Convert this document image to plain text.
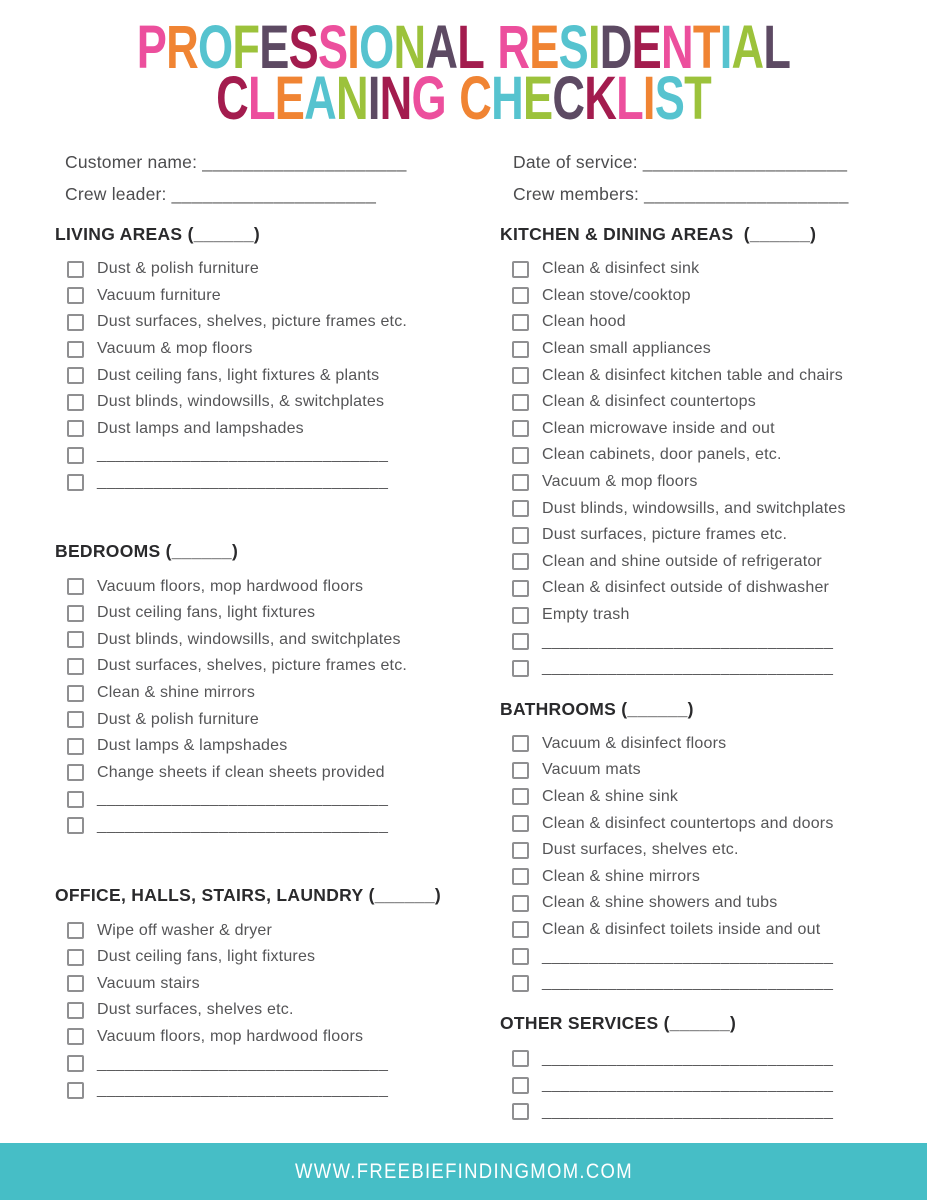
PROFESSIONAL RESIDENTIAL
CLEANING CHECKLIST
Customer name: ____________________	Date of service: ____________________
Crew leader: ____________________	Crew members: ____________________
LIVING AREAS (______)
Dust & polish furniture
Vacuum furniture
Dust surfaces, shelves, picture frames etc.
Vacuum & mop floors
Dust ceiling fans, light fixtures & plants
Dust blinds, windowsills, & switchplates
Dust lamps and lampshades
_______________________________
_______________________________
BEDROOMS (______)
Vacuum floors, mop hardwood floors
Dust ceiling fans, light fixtures
Dust blinds, windowsills, and switchplates
Dust surfaces, shelves, picture frames etc.
Clean & shine mirrors
Dust & polish furniture
Dust lamps & lampshades
Change sheets if clean sheets provided
_______________________________
_______________________________
OFFICE, HALLS, STAIRS, LAUNDRY (______)
Wipe off washer & dryer
Dust ceiling fans, light fixtures
Vacuum stairs
Dust surfaces, shelves etc.
Vacuum floors, mop hardwood floors
_______________________________
_______________________________
KITCHEN & DINING AREAS  (______)
Clean & disinfect sink
Clean stove/cooktop
Clean hood
Clean small appliances
Clean & disinfect kitchen table and chairs
Clean & disinfect countertops
Clean microwave inside and out
Clean cabinets, door panels, etc.
Vacuum & mop floors
Dust blinds, windowsills, and switchplates
Dust surfaces, picture frames etc.
Clean and shine outside of refrigerator
Clean & disinfect outside of dishwasher
Empty trash
_______________________________
_______________________________
BATHROOMS (______)
Vacuum & disinfect floors
Vacuum mats
Clean & shine sink
Clean & disinfect countertops and doors
Dust surfaces, shelves etc.
Clean & shine mirrors
Clean & shine showers and tubs
Clean & disinfect toilets inside and out
_______________________________
_______________________________
OTHER SERVICES (______)
_______________________________
_______________________________
_______________________________
WWW.FREEBIEFINDINGMOM.COM
